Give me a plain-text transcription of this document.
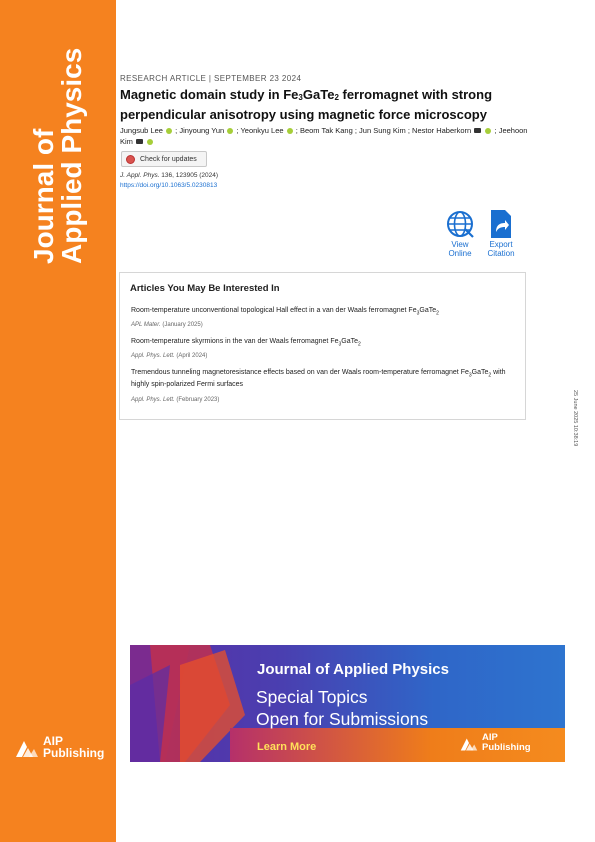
Journal of
Applied Physics
AIP
Publishing
RESEARCH ARTICLE | SEPTEMBER 23 2024
Magnetic domain study in $Fe_3GaTe_2$ ferromagnet with strong perpendicular anisotropy using magnetic force microscopy
Jungsub Lee ; Jinyoung Yun ; Yeonkyu Lee ; Beom Tak Kang ; Jun Sung Kim ; Nestor Haberkorn	; Jeehoon Kim
Check for updates
J. Appl. Phys. 136, 123905 (2024)
https://doi.org/10.1063/5.0230813
View
Online
Export
Citation
Articles You May Be Interested In
Room-temperature unconventional topological Hall effect in a van der Waals ferromagnet $Fe_3GaTe_2$
APL Mater. (January 2025)
Room-temperature skyrmions in the van der Waals ferromagnet $Fe_3GaTe_2$
Appl. Phys. Lett. (April 2024)
Tremendous tunneling magnetoresistance effects based on van der Waals room-temperature ferromagnet $Fe_3GaTe_2$ with highly spin-polarized Fermi surfaces
Appl. Phys. Lett. (February 2023)	25 June 2025 10:38:19
Journal of Applied Physics
Special Topics
Open for Submissions
Learn More
AIP
Publishing
